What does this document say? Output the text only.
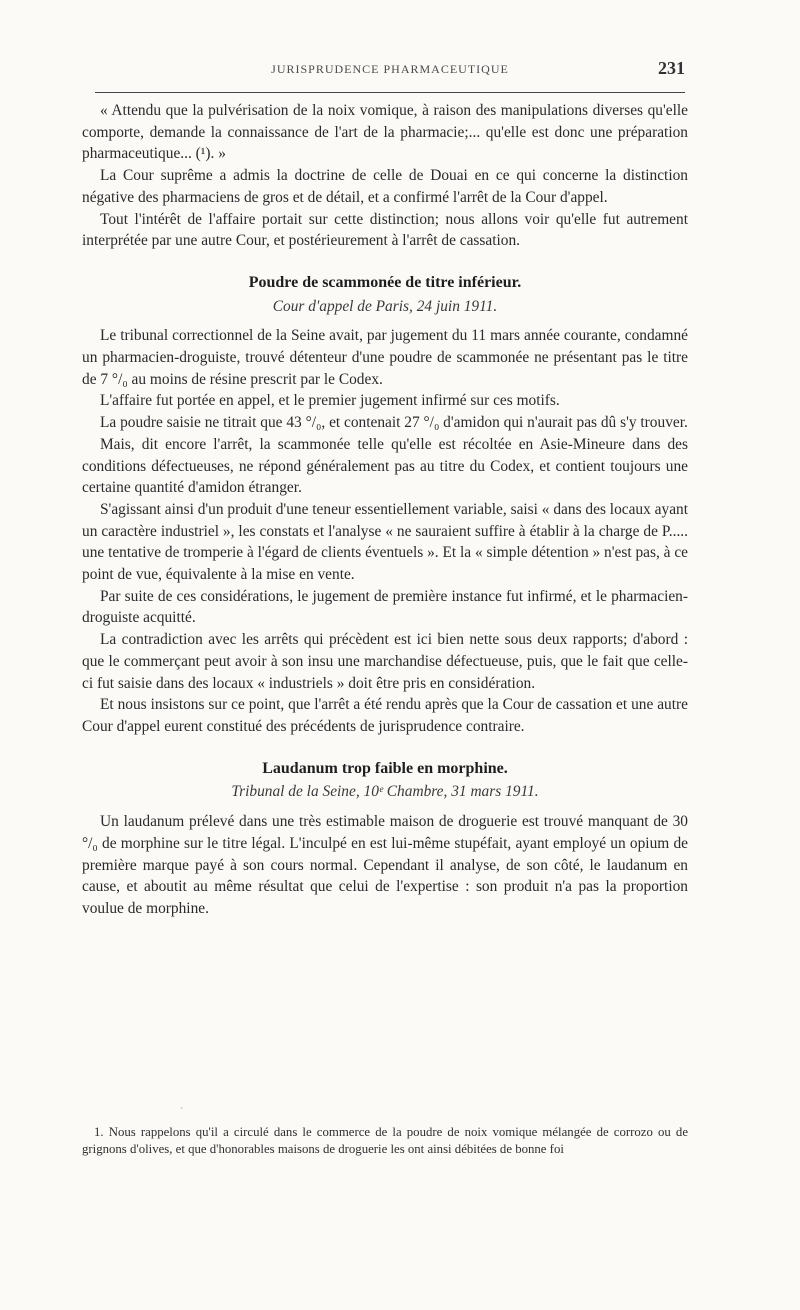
JURISPRUDENCE PHARMACEUTIQUE	231

« Attendu que la pulvérisation de la noix vomique, à raison des manipulations diverses qu'elle comporte, demande la connaissance de l'art de la pharmacie;... qu'elle est donc une préparation pharmaceutique... (¹). »

La Cour suprême a admis la doctrine de celle de Douai en ce qui concerne la distinction négative des pharmaciens de gros et de détail, et a confirmé l'arrêt de la Cour d'appel.

Tout l'intérêt de l'affaire portait sur cette distinction; nous allons voir qu'elle fut autrement interprétée par une autre Cour, et postérieurement à l'arrêt de cassation.

Poudre de scammonée de titre inférieur.
Cour d'appel de Paris, 24 juin 1911.

Le tribunal correctionnel de la Seine avait, par jugement du 11 mars année courante, condamné un pharmacien-droguiste, trouvé détenteur d'une poudre de scammonée ne présentant pas le titre de 7 °/₀ au moins de résine prescrit par le Codex.

L'affaire fut portée en appel, et le premier jugement infirmé sur ces motifs.

La poudre saisie ne titrait que 43 °/₀, et contenait 27 °/₀ d'amidon qui n'aurait pas dû s'y trouver.

Mais, dit encore l'arrêt, la scammonée telle qu'elle est récoltée en Asie-Mineure dans des conditions défectueuses, ne répond généralement pas au titre du Codex, et contient toujours une certaine quantité d'amidon étranger.

S'agissant ainsi d'un produit d'une teneur essentiellement variable, saisi « dans des locaux ayant un caractère industriel », les constats et l'analyse « ne sauraient suffire à établir à la charge de P..... une tentative de tromperie à l'égard de clients éventuels ». Et la « simple détention » n'est pas, à ce point de vue, équivalente à la mise en vente.

Par suite de ces considérations, le jugement de première instance fut infirmé, et le pharmacien-droguiste acquitté.

La contradiction avec les arrêts qui précèdent est ici bien nette sous deux rapports; d'abord : que le commerçant peut avoir à son insu une marchandise défectueuse, puis, que le fait que celle-ci fut saisie dans des locaux « industriels » doit être pris en considération.

Et nous insistons sur ce point, que l'arrêt a été rendu après que la Cour de cassation et une autre Cour d'appel eurent constitué des précédents de jurisprudence contraire.

Laudanum trop faible en morphine.
Tribunal de la Seine, 10ᵉ Chambre, 31 mars 1911.

Un laudanum prélevé dans une très estimable maison de droguerie est trouvé manquant de 30 °/₀ de morphine sur le titre légal. L'inculpé en est lui-même stupéfait, ayant employé un opium de première marque payé à son cours normal. Cependant il analyse, de son côté, le laudanum en cause, et aboutit au même résultat que celui de l'expertise : son produit n'a pas la proportion voulue de morphine.

ˋ

1. Nous rappelons qu'il a circulé dans le commerce de la poudre de noix vomique mélangée de corrozo ou de grignons d'olives, et que d'honorables maisons de droguerie les ont ainsi débitées de bonne foi
